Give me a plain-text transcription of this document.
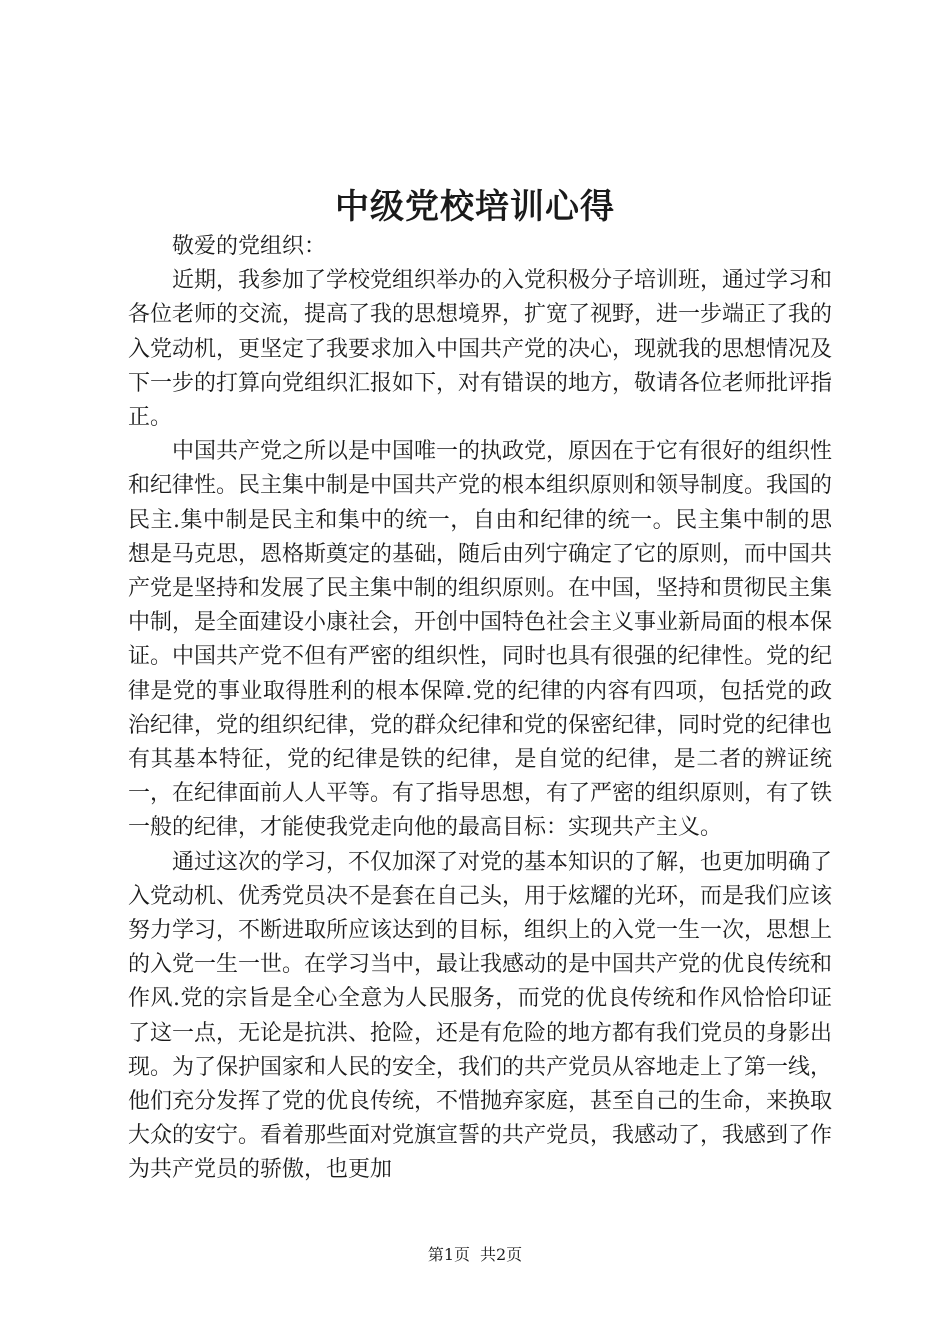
中级党校培训心得

敬爱的党组织：

近期，我参加了学校党组织举办的入党积极分子培训班，通过学习和各位老师的交流，提高了我的思想境界，扩宽了视野，进一步端正了我的入党动机，更坚定了我要求加入中国共产党的决心，现就我的思想情况及下一步的打算向党组织汇报如下，对有错误的地方，敬请各位老师批评指正。

中国共产党之所以是中国唯一的执政党，原因在于它有很好的组织性和纪律性。民主集中制是中国共产党的根本组织原则和领导制度。我国的民主.集中制是民主和集中的统一，自由和纪律的统一。民主集中制的思想是马克思，恩格斯奠定的基础，随后由列宁确定了它的原则，而中国共产党是坚持和发展了民主集中制的组织原则。在中国，坚持和贯彻民主集中制，是全面建设小康社会，开创中国特色社会主义事业新局面的根本保证。中国共产党不但有严密的组织性，同时也具有很强的纪律性。党的纪律是党的事业取得胜利的根本保障.党的纪律的内容有四项，包括党的政治纪律，党的组织纪律，党的群众纪律和党的保密纪律，同时党的纪律也有其基本特征，党的纪律是铁的纪律，是自觉的纪律，是二者的辨证统一，在纪律面前人人平等。有了指导思想，有了严密的组织原则，有了铁一般的纪律，才能使我党走向他的最高目标：实现共产主义。

通过这次的学习，不仅加深了对党的基本知识的了解，也更加明确了入党动机、优秀党员决不是套在自己头，用于炫耀的光环，而是我们应该努力学习，不断进取所应该达到的目标，组织上的入党一生一次，思想上的入党一生一世。在学习当中，最让我感动的是中国共产党的优良传统和作风.党的宗旨是全心全意为人民服务，而党的优良传统和作风恰恰印证了这一点，无论是抗洪、抢险，还是有危险的地方都有我们党员的身影出现。为了保护国家和人民的安全，我们的共产党员从容地走上了第一线，他们充分发挥了党的优良传统，不惜抛弃家庭，甚至自己的生命，来换取大众的安宁。看着那些面对党旗宣誓的共产党员，我感动了，我感到了作为共产党员的骄傲，也更加

第1页 共2页
